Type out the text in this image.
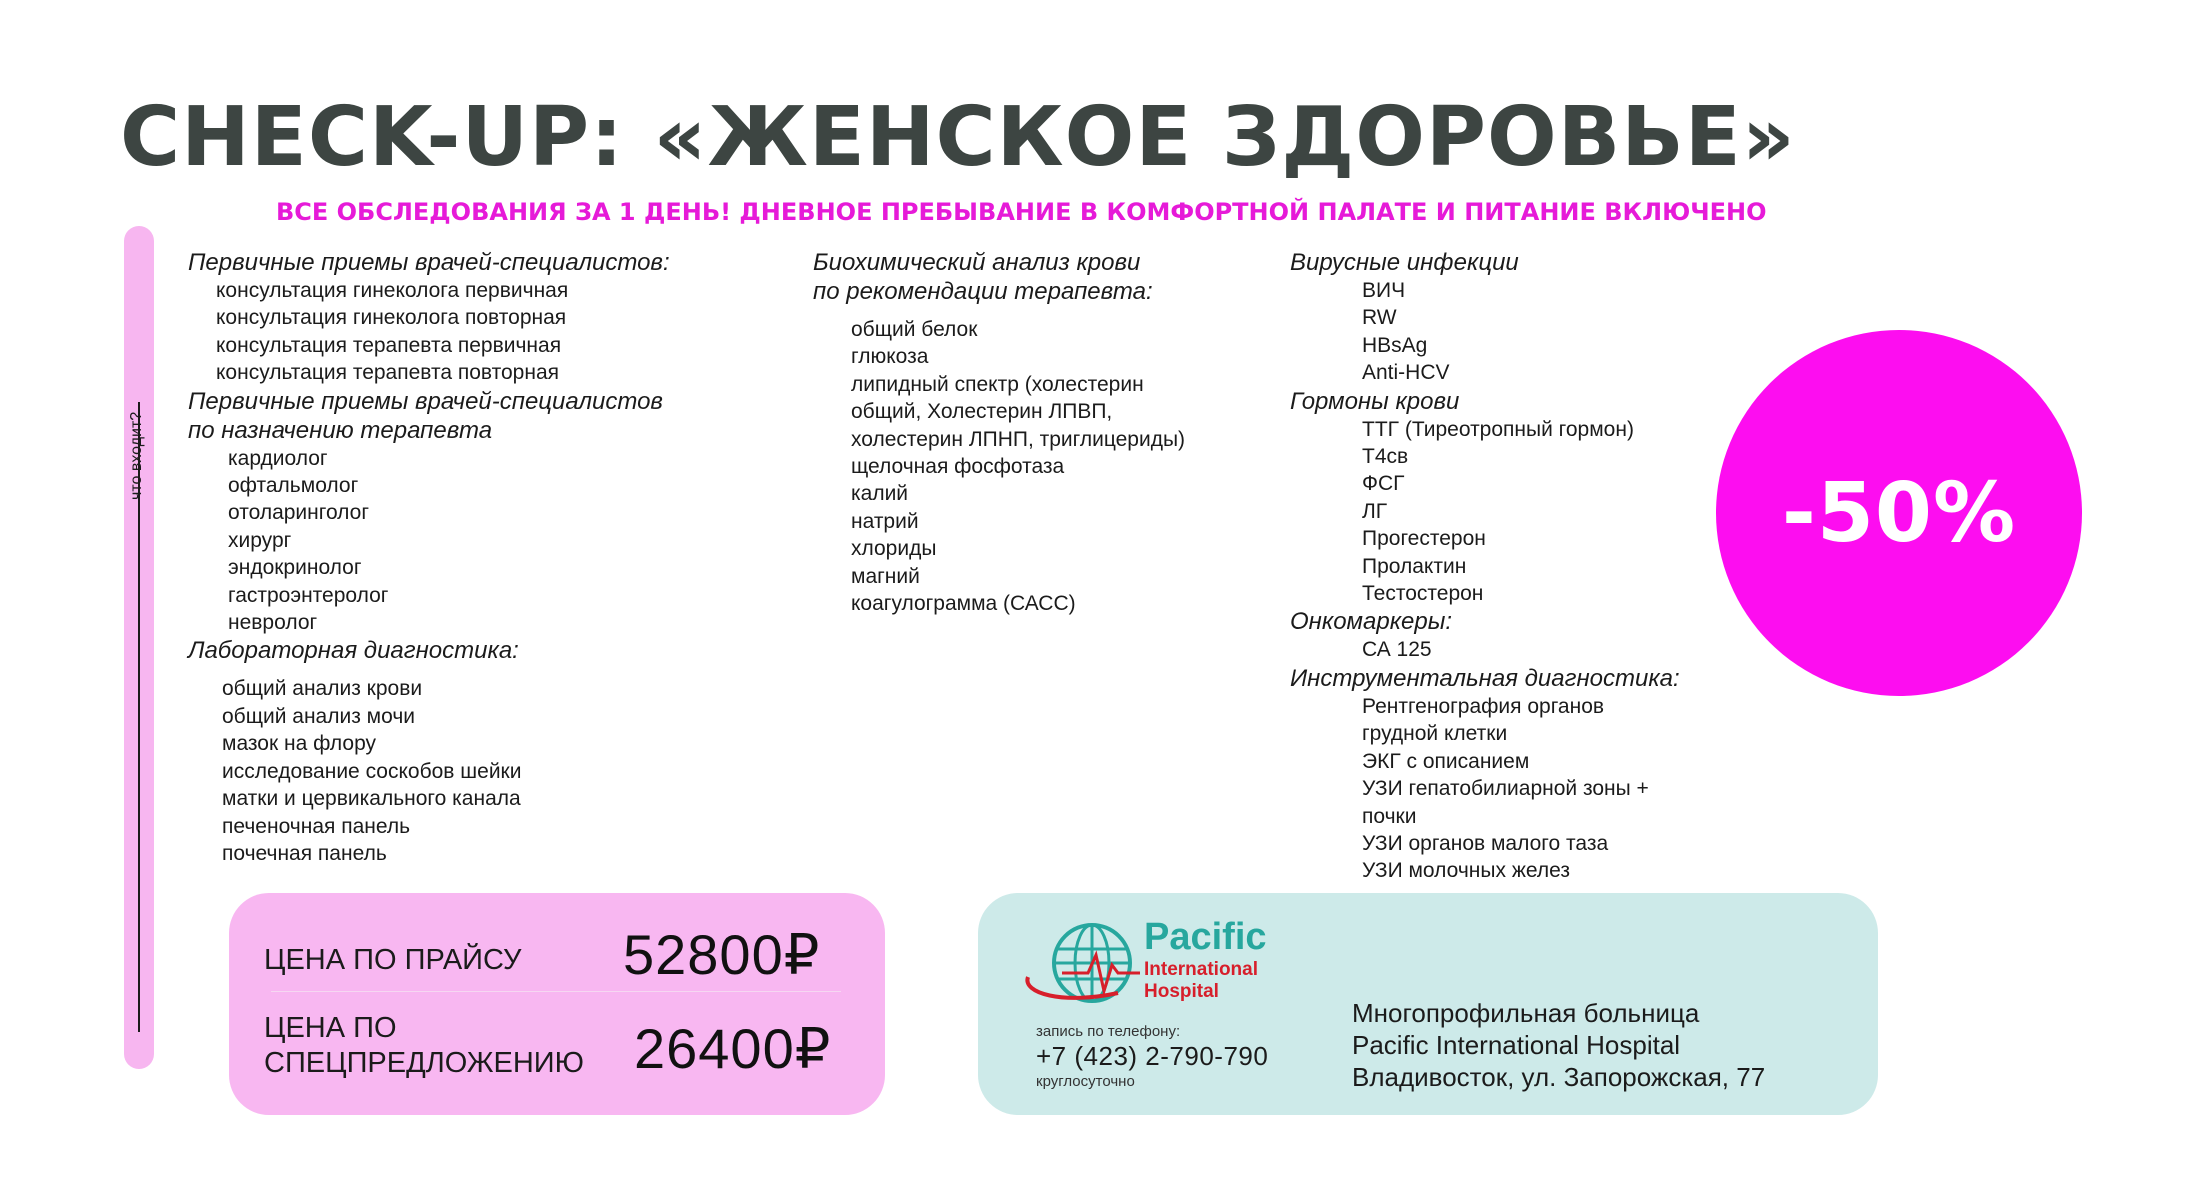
CHECK-UP: «ЖЕНСКОЕ ЗДОРОВЬЕ»

ВСЕ ОБСЛЕДОВАНИЯ ЗА 1 ДЕНЬ! ДНЕВНОЕ ПРЕБЫВАНИЕ В КОМФОРТНОЙ ПАЛАТЕ И ПИТАНИЕ ВКЛЮЧЕНО

Первичные приемы врачей-специалистов:
консультация гинеколога первичная
консультация гинеколога повторная
консультация терапевта первичная
консультация терапевта повторная
Первичные приемы врачей-специалистов
по назначению терапевта
кардиолог
офтальмолог
отоларинголог
хирург
эндокринолог
гастроэнтеролог
невролог
Лабораторная диагностика:
общий анализ крови
общий анализ мочи
мазок на флору
исследование соскобов шейки
матки и цервикального канала
печеночная панель
почечная панель
Биохимический анализ крови
по рекомендации терапевта:
общий белок
глюкоза
липидный спектр (холестерин
общий, Холестерин ЛПВП,
холестерин ЛПНП, триглицериды)
щелочная фосфотаза
калий
натрий
хлориды
магний
коагулограмма (САСС)
Вирусные инфекции
ВИЧ
RW
HBsAg
Anti-HCV
Гормоны крови
ТТГ (Тиреотропный гормон)
Т4св
ФСГ
ЛГ
Прогестерон
Пролактин
Тестостерон
Онкомаркеры:
СА 125
Инструментальная диагностика:
Рентгенография органов
грудной клетки
ЭКГ с описанием
УЗИ гепатобилиарной зоны +
почки
УЗИ органов малого таза
УЗИ молочных желез
-50%
ЦЕНА ПО ПРАЙСУ 52800₽
ЦЕНА ПО
СПЕЦПРЕДЛОЖЕНИЮ 26400₽
Pacific
International
Hospital
запись по телефону:
+7 (423) 2-790-790
круглосуточно
Многопрофильная больница
Pacific International Hospital
Владивосток, ул. Запорожская, 77
